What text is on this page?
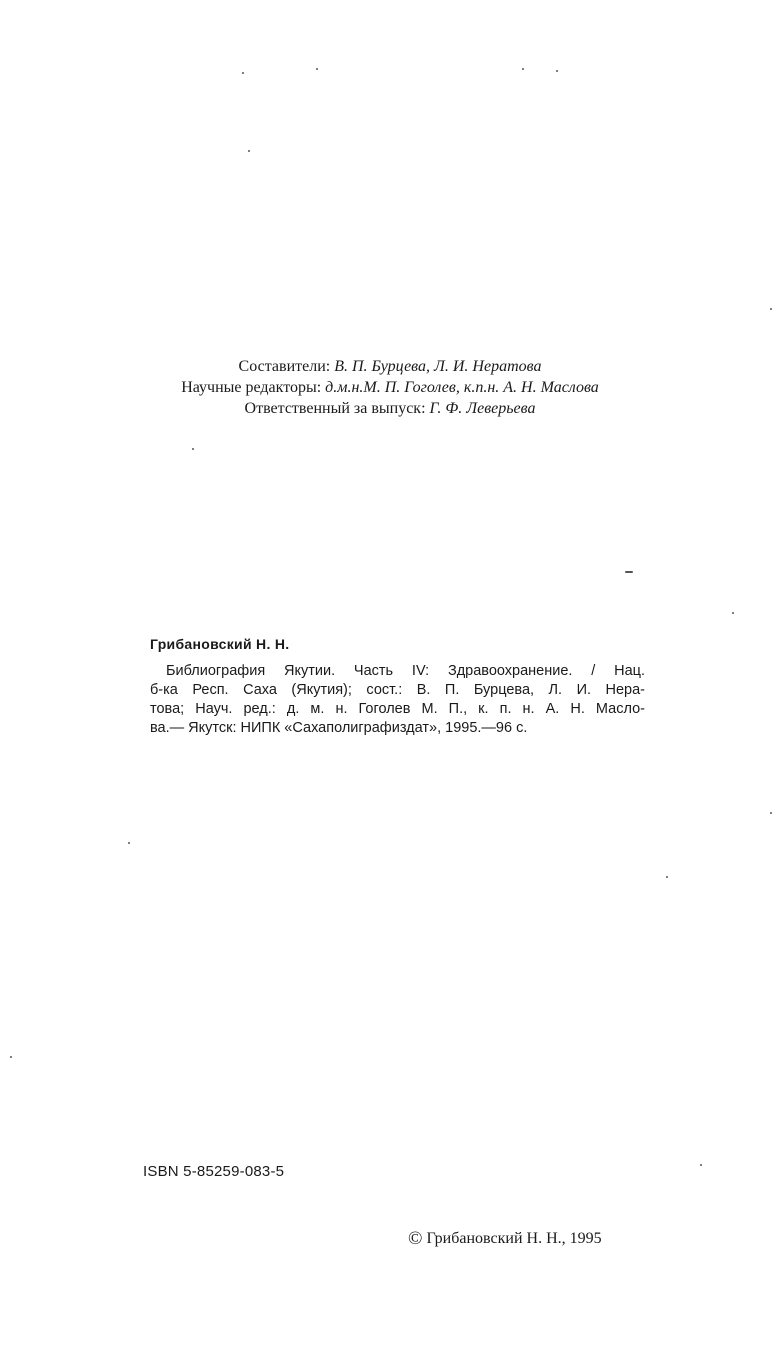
Составители: В. П. Бурцева, Л. И. Нератова
Научные редакторы: д.м.н.М. П. Гоголев, к.п.н. А. Н. Маслова
Ответственный за выпуск: Г. Ф. Леверьева
Грибановский Н. Н.
Библиография Якутии. Часть IV: Здравоохранение. / Нац.
б-ка Респ. Саха (Якутия); сост.: В. П. Бурцева, Л. И. Нера-
това; Науч. ред.: д. м. н. Гоголев М. П., к. п. н. А. Н. Масло-
ва.— Якутск: НИПК «Сахаполиграфиздат», 1995.—96 с.
ISBN 5-85259-083-5
© Грибановский Н. Н., 1995
